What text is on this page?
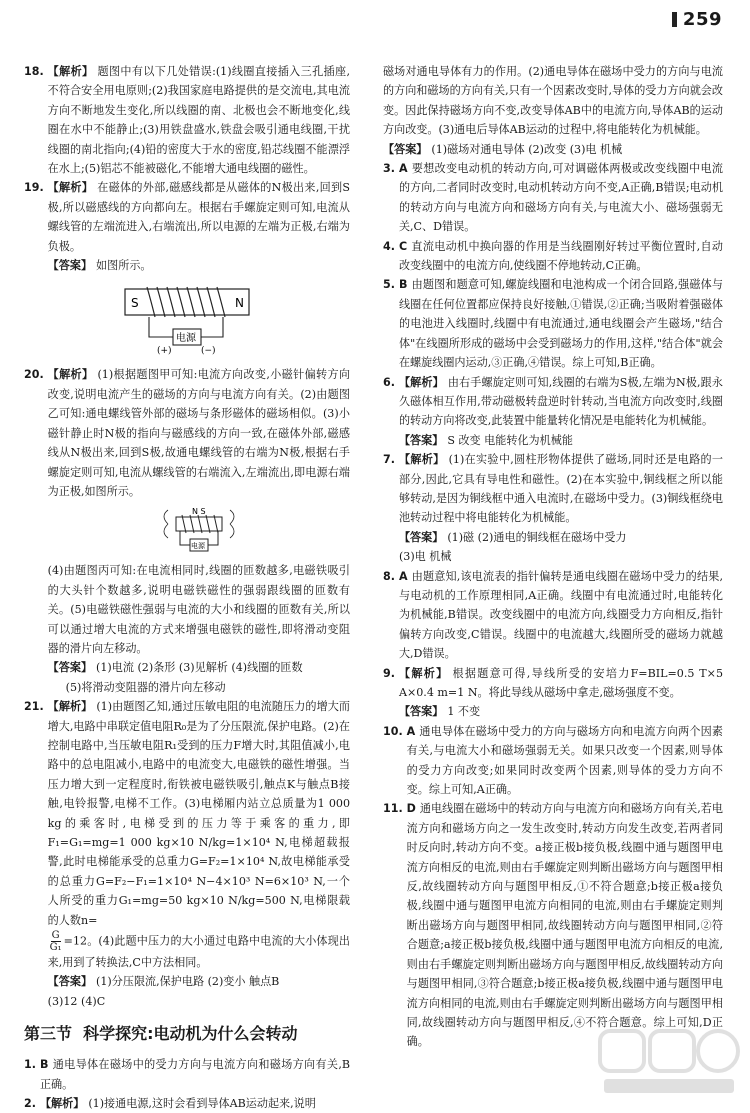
259
18. 【解析】 题图中有以下几处错误:(1)线圈直接插入三孔插座,不符合安全用电原则;(2)我国家庭电路提供的是交流电,其电流方向不断地发生变化,所以线圈的南、北极也会不断地变化,线圈在水中不能静止;(3)用铁盘盛水,铁盘会吸引通电线圈,干扰线圈的南北指向;(4)铅的密度大于水的密度,铅芯线圈不能漂浮在水上;(5)铝芯不能被磁化,不能增大通电线圈的磁性。
19. 【解析】 在磁体的外部,磁感线都是从磁体的N极出来,回到S极,所以磁感线的方向都向左。根据右手螺旋定则可知,电流从螺线管的左端流进入,右端流出,所以电源的左端为正极,右端为负极。
【答案】 如图所示。
S	N
电源
(+)	(−)
20. 【解析】 (1)根据题图甲可知:电流方向改变,小磁针偏转方向改变,说明电流产生的磁场的方向与电流方向有关。(2)由题图乙可知:通电螺线管外部的磁场与条形磁体的磁场相似。(3)小磁针静止时N极的指向与磁感线的方向一致,在磁体外部,磁感线从N极出来,回到S极,故通电螺线管的右端为N极,根据右手螺旋定则可知,电流从螺线管的右端流入,左端流出,即电源右端为正极,如图所示。
N S
电源
(4)由题图丙可知:在电流相同时,线圈的匝数越多,电磁铁吸引的大头针个数越多,说明电磁铁磁性的强弱跟线圈的匝数有关。(5)电磁铁磁性强弱与电流的大小和线圈的匝数有关,所以可以通过增大电流的方式来增强电磁铁的磁性,即将滑动变阻器的滑片向左移动。
【答案】 (1)电流 (2)条形 (3)见解析 (4)线圈的匝数
(5)将滑动变阻器的滑片向左移动
21. 【解析】 (1)由题图乙知,通过压敏电阻的电流随压力的增大而增大,电路中串联定值电阻R₀是为了分压限流,保护电路。(2)在控制电路中,当压敏电阻R₁受到的压力F增大时,其阻值减小,电路中的总电阻减小,电路中的电流变大,电磁铁的磁性增强。当压力增大到一定程度时,衔铁被电磁铁吸引,触点K与触点B接触,电铃报警,电梯不工作。(3)电梯厢内站立总质量为1 000 kg的乘客时,电梯受到的压力等于乘客的重力,即F₁=G₁=mg=1 000 kg×10 N/kg=1×10⁴ N,电梯超载报警,此时电梯能承受的总重力G=F₂=1×10⁴ N,故电梯能承受的总重力G=F₂−F₁=1×10⁴ N−4×10³ N=6×10³ N,一个人所受的重力G₁=mg=50 kg×10 N/kg=500 N,电梯限载的人数n=
$\frac{G}{\text{G₁}} =12$。(4)此题中压力的大小通过电路中电流的大小体现出来,用到了转换法,C中方法相同。
【答案】 (1)分压限流,保护电路 (2)变小 触点B
(3)12 (4)C
第三节  科学探究:电动机为什么会转动
1. B 通电导体在磁场中的受力方向与电流方向和磁场方向有关,B正确。
2. 【解析】 (1)接通电源,这时会看到导体AB运动起来,说明
磁场对通电导体有力的作用。(2)通电导体在磁场中受力的方向与电流的方向和磁场的方向有关,只有一个因素改变时,导体的受力方向就会改变。因此保持磁场方向不变,改变导体AB中的电流方向,导体AB的运动方向改变。(3)通电后导体AB运动的过程中,将电能转化为机械能。
【答案】 (1)磁场对通电导体 (2)改变 (3)电 机械
3. A 要想改变电动机的转动方向,可对调磁体两极或改变线圈中电流的方向,二者同时改变时,电动机转动方向不变,A正确,B错误;电动机的转动方向与电流方向和磁场方向有关,与电流大小、磁场强弱无关,C、D错误。
4. C 直流电动机中换向器的作用是当线圈刚好转过平衡位置时,自动改变线圈中的电流方向,使线圈不停地转动,C正确。
5. B 由题图和题意可知,螺旋线圈和电池构成一个闭合回路,强磁体与线圈在任何位置都应保持良好接触,①错误,②正确;当吸附着强磁体的电池进入线圈时,线圈中有电流通过,通电线圈会产生磁场,"结合体"在线圈所形成的磁场中会受到磁场力的作用,这样,"结合体"就会在螺旋线圈内运动,③正确,④错误。综上可知,B正确。
6. 【解析】 由右手螺旋定则可知,线圈的右端为S极,左端为N极,跟永久磁体相互作用,带动磁极转盘逆时针转动,当电流方向改变时,线圈的转动方向将改变,此装置中能量转化情况是电能转化为机械能。
【答案】 S 改变 电能转化为机械能
7. 【解析】 (1)在实验中,圆柱形物体提供了磁场,同时还是电路的一部分,因此,它具有导电性和磁性。(2)在本实验中,铜线框之所以能够转动,是因为铜线框中通入电流时,在磁场中受力。(3)铜线框绕电池转动过程中将电能转化为机械能。
【答案】 (1)磁 (2)通电的铜线框在磁场中受力
(3)电 机械
8. A 由题意知,该电流表的指针偏转是通电线圈在磁场中受力的结果,与电动机的工作原理相同,A正确。线圈中有电流通过时,电能转化为机械能,B错误。改变线圈中的电流方向,线圈受力方向相反,指针偏转方向改变,C错误。线圈中的电流越大,线圈所受的磁场力就越大,D错误。
9. 【解析】 根据题意可得,导线所受的安培力F=BIL=0.5 T×5 A×0.4 m=1 N。将此导线从磁场中拿走,磁场强度不变。
【答案】 1 不变
10. A 通电导体在磁场中受力的方向与磁场方向和电流方向两个因素有关,与电流大小和磁场强弱无关。如果只改变一个因素,则导体的受力方向改变;如果同时改变两个因素,则导体的受力方向不变。综上可知,A正确。
11. D 通电线圈在磁场中的转动方向与电流方向和磁场方向有关,若电流方向和磁场方向之一发生改变时,转动方向发生改变,若两者同时反向时,转动方向不变。a接正极b接负极,线圈中通与题图甲电流方向相反的电流,则由右手螺旋定则判断出磁场方向与题图甲相反,故线圈转动方向与题图甲相反,①不符合题意;b接正极a接负极,线圈中通与题图甲电流方向相同的电流,则由右手螺旋定则判断出磁场方向与题图甲相同,故线圈转动方向与题图甲相同,②符合题意;a接正极b接负极,线圈中通与题图甲电流方向相反的电流,则由右手螺旋定则判断出磁场方向与题图甲相反,故线圈转动方向与题图甲相同,③符合题意;b接正极a接负极,线圈中通与题图甲电流方向相同的电流,则由右手螺旋定则判断出磁场方向与题图甲相同,故线圈转动方向与题图甲相反,④不符合题意。综上可知,D正确。
